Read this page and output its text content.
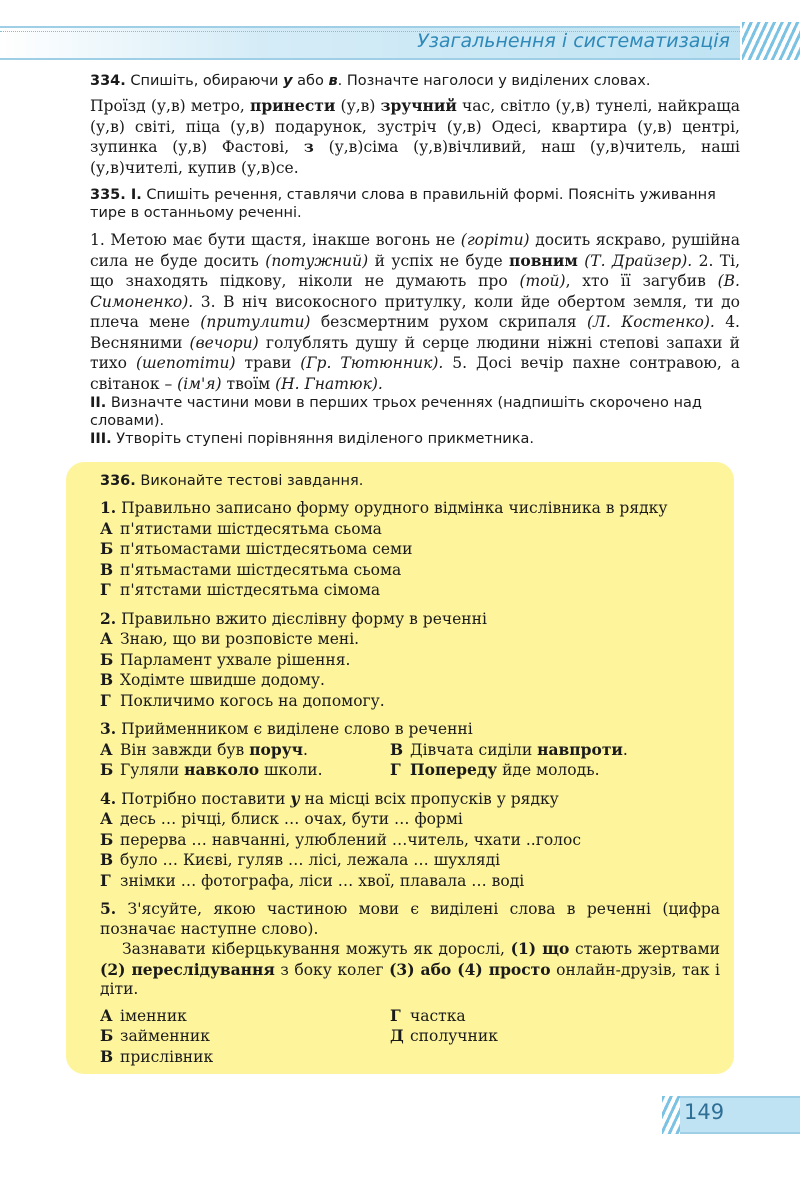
Узагальнення і систематизація
334. Спишіть, обираючи у або в. Позначте наголоси у виділених словах.

Проїзд (у,в) метро, принести (у,в) зручний час, світло (у,в) тунелі, найкраща (у,в) світі, піца (у,в) подарунок, зустріч (у,в) Одесі, квартира (у,в) центрі, зупинка (у,в) Фастові, з (у,в)сіма (у,в)вічливий, наш (у,в)читель, наші (у,в)чителі, купив (у,в)се.

335. I. Спишіть речення, ставлячи слова в правильній формі. Поясніть уживання тире в останньому реченні.

1. Метою має бути щастя, інакше вогонь не (горіти) досить яскраво, рушійна сила не буде досить (потужний) й успіх не буде повним (Т. Драйзер). 2. Ті, що знаходять підкову, ніколи не думають про (той), хто її загубив (В. Симоненко). 3. В ніч високосного притулку, коли йде обертом земля, ти до плеча мене (притулити) безсмертним рухом скрипаля (Л. Костенко). 4. Весняними (вечори) голублять душу й серце людини ніжні степові запахи й тихо (шепотіти) трави (Гр. Тютюнник). 5. Досі вечір пахне сонтравою, а світанок – (ім'я) твоїм (Н. Гнатюк).

II. Визначте частини мови в перших трьох реченнях (надпишіть скорочено над словами).
III. Утворіть ступені порівняння виділеного прикметника.
336. Виконайте тестові завдання.
1. Правильно записано форму орудного відмінка числівника в рядку
А п'ятистами шістдесятьма сьома
Б п'ятьомастами шістдесятьома семи
В п'ятьмастами шістдесятьма сьома
Г п'ятстами шістдесятьма сімома
2. Правильно вжито дієслівну форму в реченні
А Знаю, що ви розповісте мені.
Б Парламент ухвале рішення.
В Ходімте швидше додому.
Г Покличимо когось на допомогу.
3. Прийменником є виділене слово в реченні
А Він завжди був поруч.	В Дівчата сиділи навпроти.
Б Гуляли навколо школи.	Г Попереду йде молодь.
4. Потрібно поставити у на місці всіх пропусків у рядку
А десь … річці, блиск … очах, бути … формі
Б перерва … навчанні, улюблений …читель, чхати ..голос
В було … Києві, гуляв … лісі, лежала … шухляді
Г знімки … фотографа, ліси … хвої, плавала … воді
5. З'ясуйте, якою частиною мови є виділені слова в реченні (цифра позначає наступне слово).
Зазнавати кіберцькування можуть як дорослі, (1) що стають жертвами (2) переслідування з боку колег (3) або (4) просто онлайн-друзів, так і діти.
А іменник	Г частка
Б займенник	Д сполучник
В прислівник
149
